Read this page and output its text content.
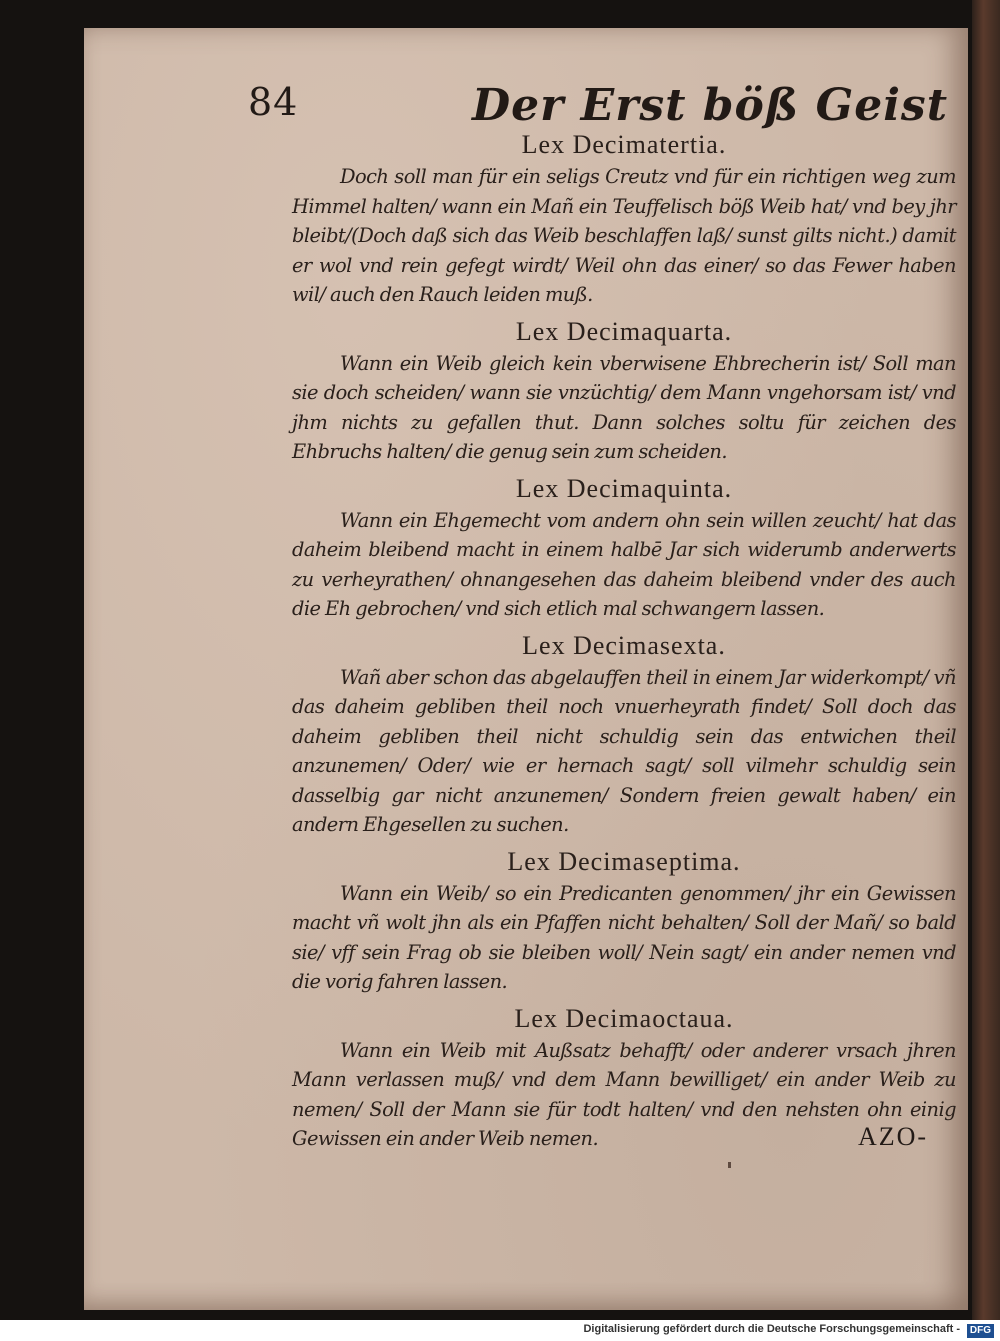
84	Der Erst böß Geist

Lex Decimatertia.

Doch soll man für ein seligs Creutz vnd für ein richtigen weg zum Himmel halten/ wann ein Mañ ein Teuffelisch böß Weib hat/ vnd bey jhr bleibt/(Doch daß sich das Weib beschlaffen laß/ sunst gilts nicht.) damit er wol vnd rein gefegt wirdt/ Weil ohn das einer/ so das Fewer haben wil/ auch den Rauch leiden muß.

Lex Decimaquarta.

Wann ein Weib gleich kein vberwisene Ehbrecherin ist/ Soll man sie doch scheiden/ wann sie vnzüchtig/ dem Mann vngehorsam ist/ vnd jhm nichts zu gefallen thut. Dann solches soltu für zeichen des Ehbruchs halten/ die genug sein zum scheiden.

Lex Decimaquinta.

Wann ein Ehgemecht vom andern ohn sein willen zeucht/ hat das daheim bleibend macht in einem halbē Jar sich widerumb anderwerts zu verheyrathen/ ohnangesehen das daheim bleibend vnder des auch die Eh gebrochen/ vnd sich etlich mal schwangern lassen.

Lex Decimasexta.

Wañ aber schon das abgelauffen theil in einem Jar widerkompt/ vñ das daheim gebliben theil noch vnuerheyrath findet/ Soll doch das daheim gebliben theil nicht schuldig sein das entwichen theil anzunemen/ Oder/ wie er hernach sagt/ soll vilmehr schuldig sein dasselbig gar nicht anzunemen/ Sondern freien gewalt haben/ ein andern Ehgesellen zu suchen.

Lex Decimaseptima.

Wann ein Weib/ so ein Predicanten genommen/ jhr ein Gewissen macht vñ wolt jhn als ein Pfaffen nicht behalten/ Soll der Mañ/ so bald sie/ vff sein Frag ob sie bleiben woll/ Nein sagt/ ein ander nemen vnd die vorig fahren lassen.

Lex Decimaoctaua.

Wann ein Weib mit Außsatz behafft/ oder anderer vrsach jhren Mann verlassen muß/ vnd dem Mann bewilliget/ ein ander Weib zu nemen/ Soll der Mann sie für todt halten/ vnd den nehsten ohn einig Gewissen ein ander Weib nemen.	AZO-
Digitalisierung gefördert durch die Deutsche Forschungsgemeinschaft - DFG
